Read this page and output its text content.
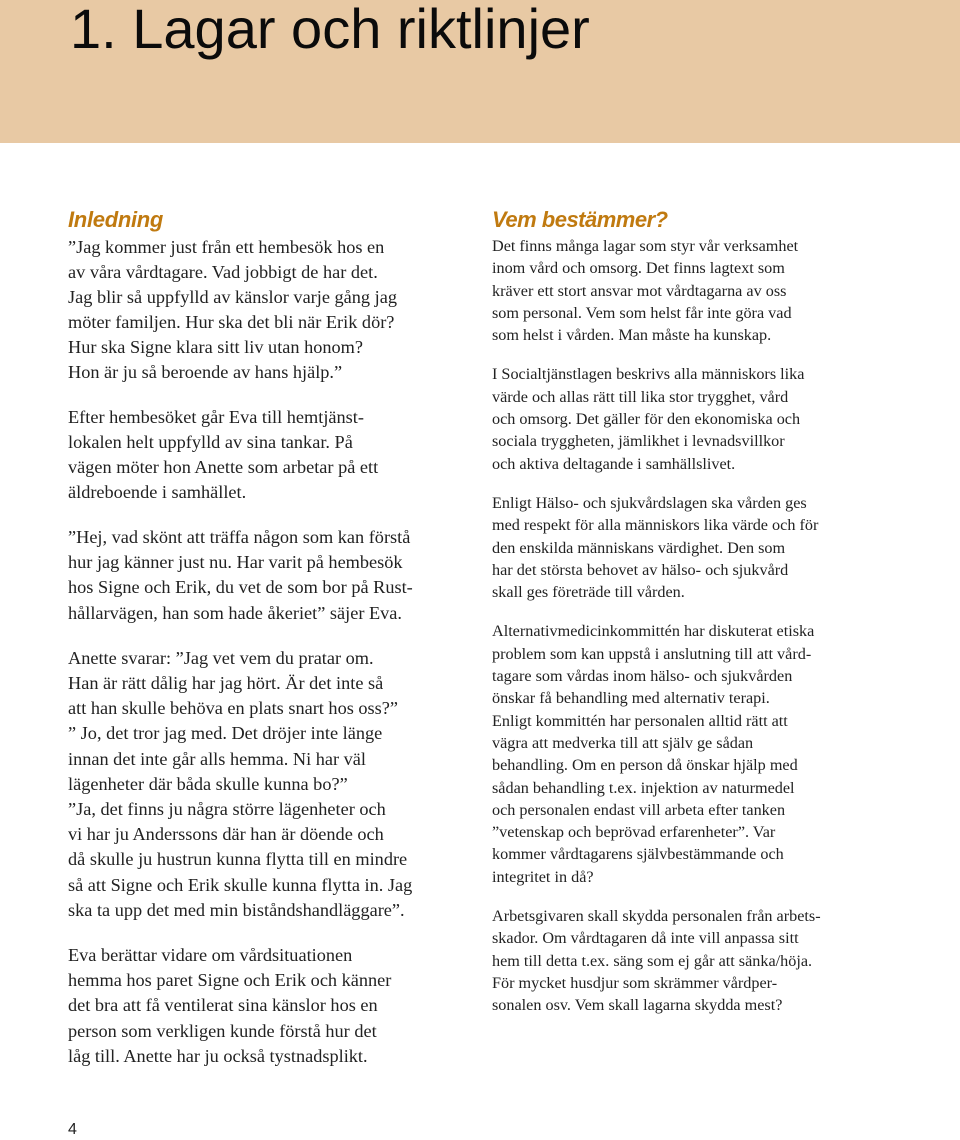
1. Lagar och riktlinjer
Inledning

”Jag kommer just från ett hembesök hos en
av våra vårdtagare. Vad jobbigt de har det.
Jag blir så uppfylld av känslor varje gång jag
möter familjen. Hur ska det bli när Erik dör?
Hur ska Signe klara sitt liv utan honom?
Hon är ju så beroende av hans hjälp.”

Efter hembesöket går Eva till hemtjänst-
lokalen helt uppfylld av sina tankar. På
vägen möter hon Anette som arbetar på ett
äldreboende i samhället.

”Hej, vad skönt att träffa någon som kan förstå
hur jag känner just nu. Har varit på hembesök
hos Signe och Erik, du vet de som bor på Rust-
hållarvägen, han som hade åkeriet” säjer Eva.

Anette svarar: ”Jag vet vem du pratar om.
Han är rätt dålig har jag hört. Är det inte så
att han skulle behöva en plats snart hos oss?”
” Jo, det tror jag med. Det dröjer inte länge
innan det inte går alls hemma. Ni har väl
lägenheter där båda skulle kunna bo?”
”Ja, det finns ju några större lägenheter och
vi har ju Anderssons där han är döende och
då skulle ju hustrun kunna flytta till en mindre
så att Signe och Erik skulle kunna flytta in. Jag
ska ta upp det med min biståndshandläggare”.

Eva berättar vidare om vårdsituationen
hemma hos paret Signe och Erik och känner
det bra att få ventilerat sina känslor hos en
person som verkligen kunde förstå hur det
låg till. Anette har ju också tystnadsplikt.

Vem bestämmer?

Det finns många lagar som styr vår verksamhet
inom vård och omsorg. Det finns lagtext som
kräver ett stort ansvar mot vårdtagarna av oss
som personal. Vem som helst får inte göra vad
som helst i vården. Man måste ha kunskap.

I Socialtjänstlagen beskrivs alla människors lika
värde och allas rätt till lika stor trygghet, vård
och omsorg. Det gäller för den ekonomiska och
sociala tryggheten, jämlikhet i levnadsvillkor
och aktiva deltagande i samhällslivet.

Enligt Hälso- och sjukvårdslagen ska vården ges
med respekt för alla människors lika värde och för
den enskilda människans värdighet. Den som
har det största behovet av hälso- och sjukvård
skall ges företräde till vården.

Alternativmedicinkommittén har diskuterat etiska
problem som kan uppstå i anslutning till att vård-
tagare som vårdas inom hälso- och sjukvården
önskar få behandling med alternativ terapi.
Enligt kommittén har personalen alltid rätt att
vägra att medverka till att själv ge sådan
behandling. Om en person då önskar hjälp med
sådan behandling t.ex. injektion av naturmedel
och personalen endast vill arbeta efter tanken
”vetenskap och beprövad erfarenheter”. Var
kommer vårdtagarens självbestämmande och
integritet in då?

Arbetsgivaren skall skydda personalen från arbets-
skador. Om vårdtagaren då inte vill anpassa sitt
hem till detta t.ex. säng som ej går att sänka/höja.
För mycket husdjur som skrämmer vårdper-
sonalen osv. Vem skall lagarna skydda mest?

4
